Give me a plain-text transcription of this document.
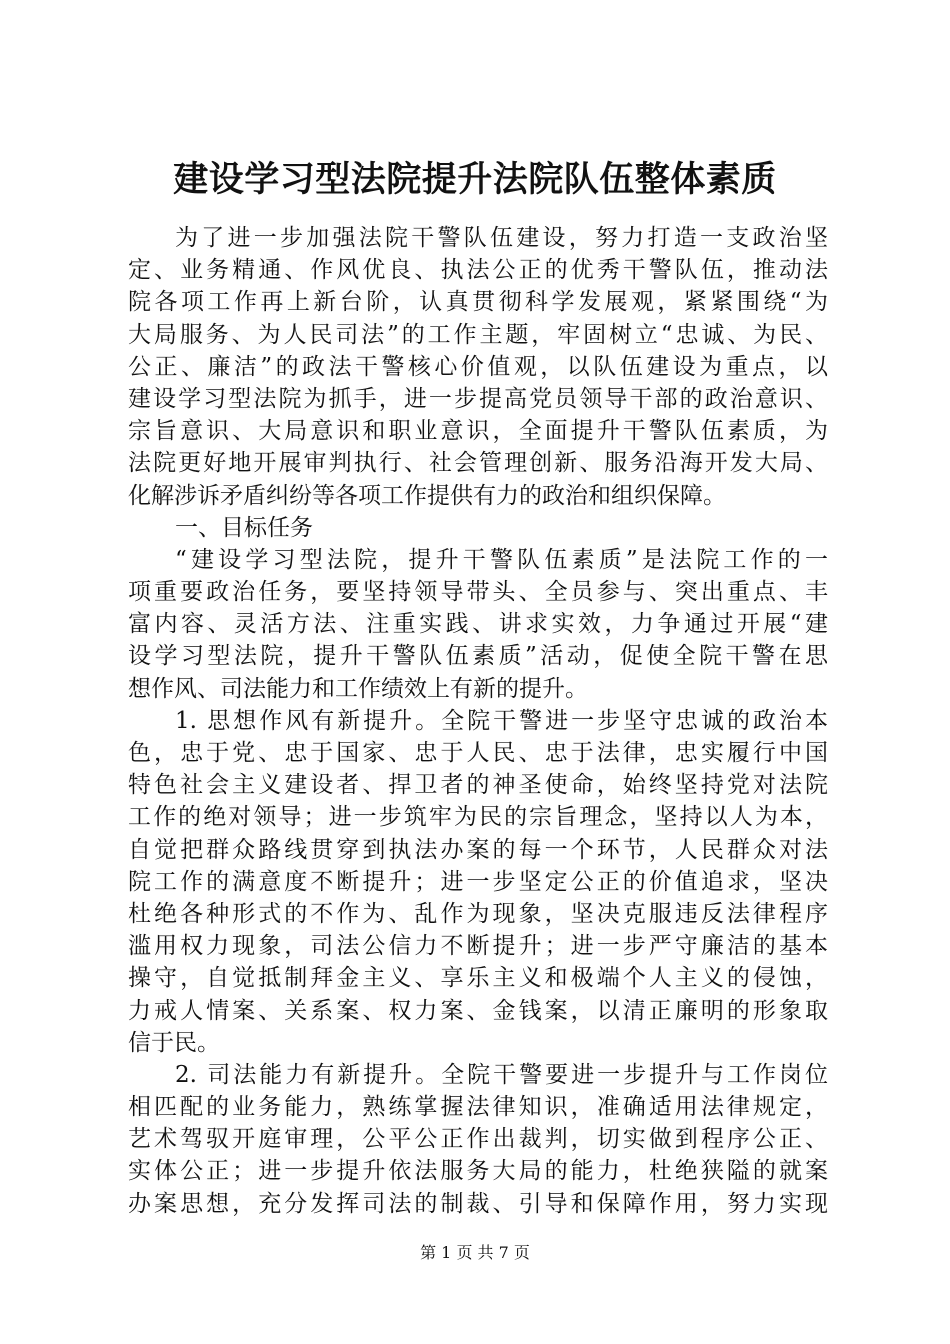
建设学习型法院提升法院队伍整体素质
为了进一步加强法院干警队伍建设，努力打造一支政治坚
定、业务精通、作风优良、执法公正的优秀干警队伍，推动法
院各项工作再上新台阶，认真贯彻科学发展观，紧紧围绕“为
大局服务、为人民司法”的工作主题，牢固树立“忠诚、为民、
公正、廉洁”的政法干警核心价值观，以队伍建设为重点，以
建设学习型法院为抓手，进一步提高党员领导干部的政治意识、
宗旨意识、大局意识和职业意识，全面提升干警队伍素质，为
法院更好地开展审判执行、社会管理创新、服务沿海开发大局、
化解涉诉矛盾纠纷等各项工作提供有力的政治和组织保障。
一、目标任务
“建设学习型法院，提升干警队伍素质”是法院工作的一
项重要政治任务，要坚持领导带头、全员参与、突出重点、丰
富内容、灵活方法、注重实践、讲求实效，力争通过开展“建
设学习型法院，提升干警队伍素质”活动，促使全院干警在思
想作风、司法能力和工作绩效上有新的提升。
1. 思想作风有新提升。全院干警进一步坚守忠诚的政治本
色，忠于党、忠于国家、忠于人民、忠于法律，忠实履行中国
特色社会主义建设者、捍卫者的神圣使命，始终坚持党对法院
工作的绝对领导；进一步筑牢为民的宗旨理念，坚持以人为本，
自觉把群众路线贯穿到执法办案的每一个环节，人民群众对法
院工作的满意度不断提升；进一步坚定公正的价值追求，坚决
杜绝各种形式的不作为、乱作为现象，坚决克服违反法律程序
滥用权力现象，司法公信力不断提升；进一步严守廉洁的基本
操守，自觉抵制拜金主义、享乐主义和极端个人主义的侵蚀，
力戒人情案、关系案、权力案、金钱案，以清正廉明的形象取
信于民。
2. 司法能力有新提升。全院干警要进一步提升与工作岗位
相匹配的业务能力，熟练掌握法律知识，准确适用法律规定，
艺术驾驭开庭审理，公平公正作出裁判，切实做到程序公正、
实体公正；进一步提升依法服务大局的能力，杜绝狭隘的就案
办案思想，充分发挥司法的制裁、引导和保障作用，努力实现
第 1 页 共 7 页
